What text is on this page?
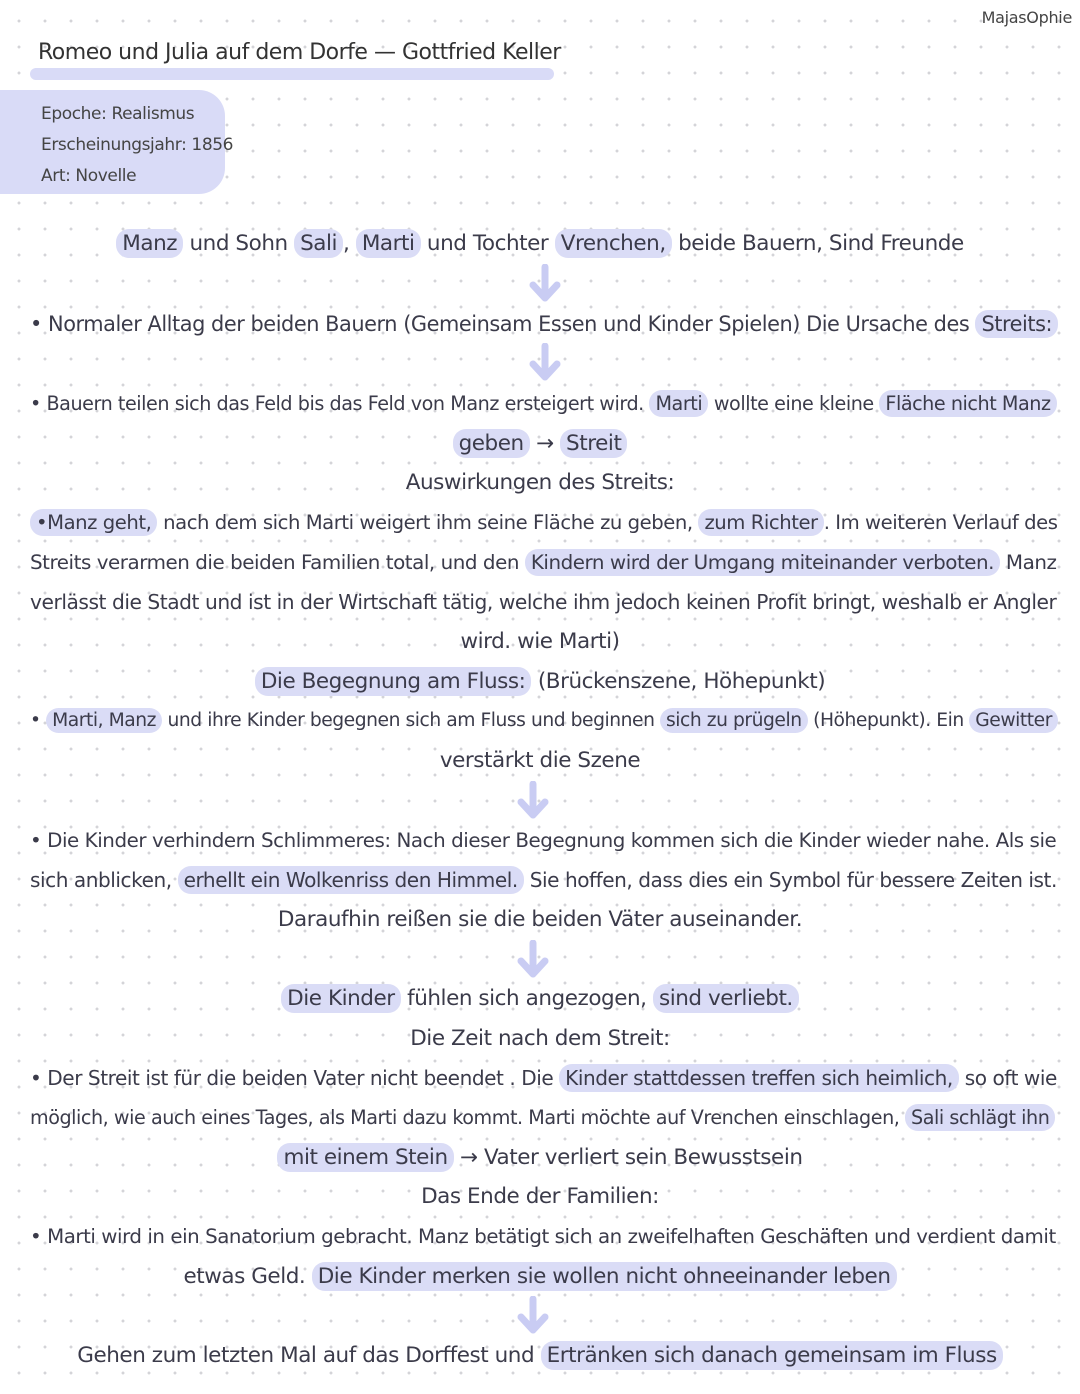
MajasOphie
Romeo und Julia auf dem Dorfe — Gottfried Keller
Epoche: Realismus
Erscheinungsjahr: 1856
Art: Novelle
Manz und Sohn Sali , Marti und Tochter Vrenchen, beide Bauern, Sind Freunde
• Normaler Alltag der beiden Bauern (Gemeinsam Essen und Kinder Spielen) Die Ursache des Streits:
• Bauern teilen sich das Feld bis das Feld von Manz ersteigert wird. Marti wollte eine kleine Fläche nicht Manz
geben → Streit
Auswirkungen des Streits:
•Manz geht, nach dem sich Marti weigert ihm seine Fläche zu geben, zum Richter . Im weiteren Verlauf des
Streits verarmen die beiden Familien total, und den Kindern wird der Umgang miteinander verboten. Manz
verlässt die Stadt und ist in der Wirtschaft tätig, welche ihm jedoch keinen Profit bringt, weshalb er Angler
wird. wie Marti)
Die Begegnung am Fluss: (Brückenszene, Höhepunkt)
• Marti, Manz und ihre Kinder begegnen sich am Fluss und beginnen sich zu prügeln (Höhepunkt). Ein Gewitter
verstärkt die Szene
• Die Kinder verhindern Schlimmeres: Nach dieser Begegnung kommen sich die Kinder wieder nahe. Als sie
sich anblicken, erhellt ein Wolkenriss den Himmel. Sie hoffen, dass dies ein Symbol für bessere Zeiten ist.
Daraufhin reißen sie die beiden Väter auseinander.
Die Kinder fühlen sich angezogen, sind verliebt.
Die Zeit nach dem Streit:
• Der Streit ist für die beiden Vater nicht beendet . Die Kinder stattdessen treffen sich heimlich, so oft wie
möglich, wie auch eines Tages, als Marti dazu kommt. Marti möchte auf Vrenchen einschlagen, Sali schlägt ihn
mit einem Stein → Vater verliert sein Bewusstsein
Das Ende der Familien:
• Marti wird in ein Sanatorium gebracht. Manz betätigt sich an zweifelhaften Geschäften und verdient damit
etwas Geld. Die Kinder merken sie wollen nicht ohneeinander leben
Gehen zum letzten Mal auf das Dorffest und Ertränken sich danach gemeinsam im Fluss
